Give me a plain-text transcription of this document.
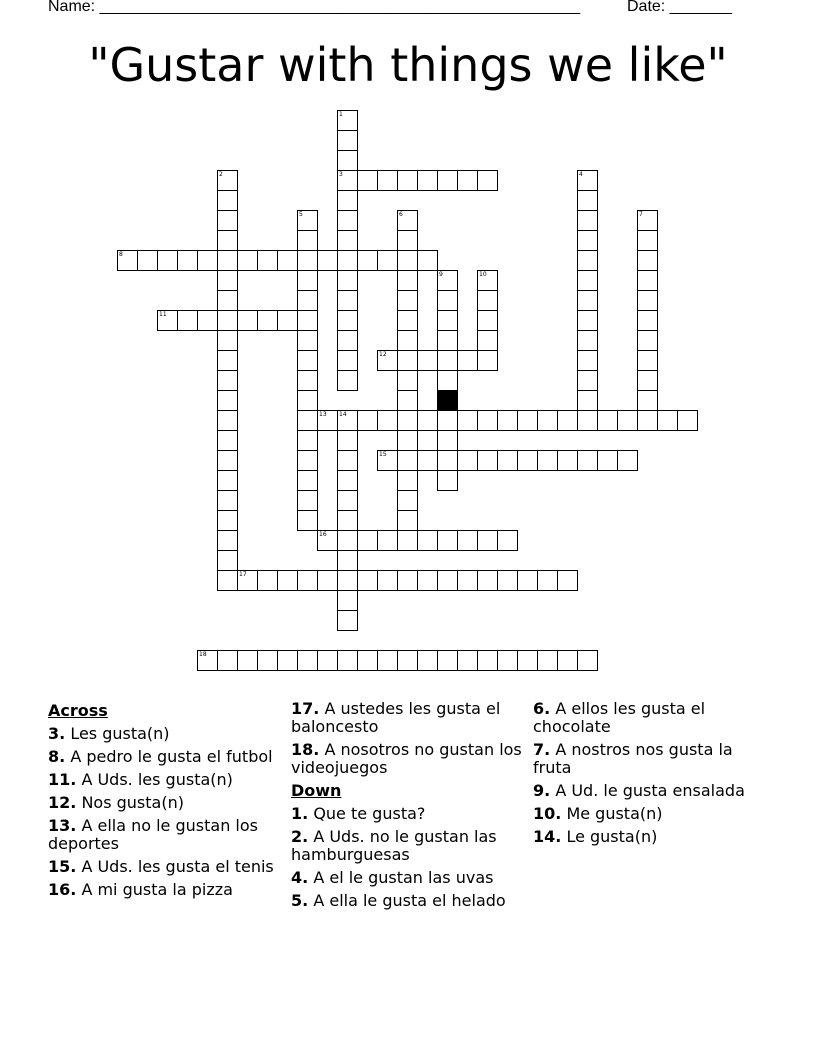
Name: ______________________________________________________	Date: _______
"Gustar with things we like"
1
3
2	4
5	6	7
8
9	10
11
12
13 14
15
16
17
18
Across
3. Les gusta(n)
8. A pedro le gusta el futbol
11. A Uds. les gusta(n)
12. Nos gusta(n)
13. A ella no le gustan los deportes
15. A Uds. les gusta el tenis
16. A mi gusta la pizza
17. A ustedes les gusta el baloncesto
18. A nosotros no gustan los videojuegos
Down
1. Que te gusta?
2. A Uds. no le gustan las hamburguesas
4. A el le gustan las uvas
5. A ella le gusta el helado
6. A ellos les gusta el chocolate
7. A nostros nos gusta la fruta
9. A Ud. le gusta ensalada
10. Me gusta(n)
14. Le gusta(n)
